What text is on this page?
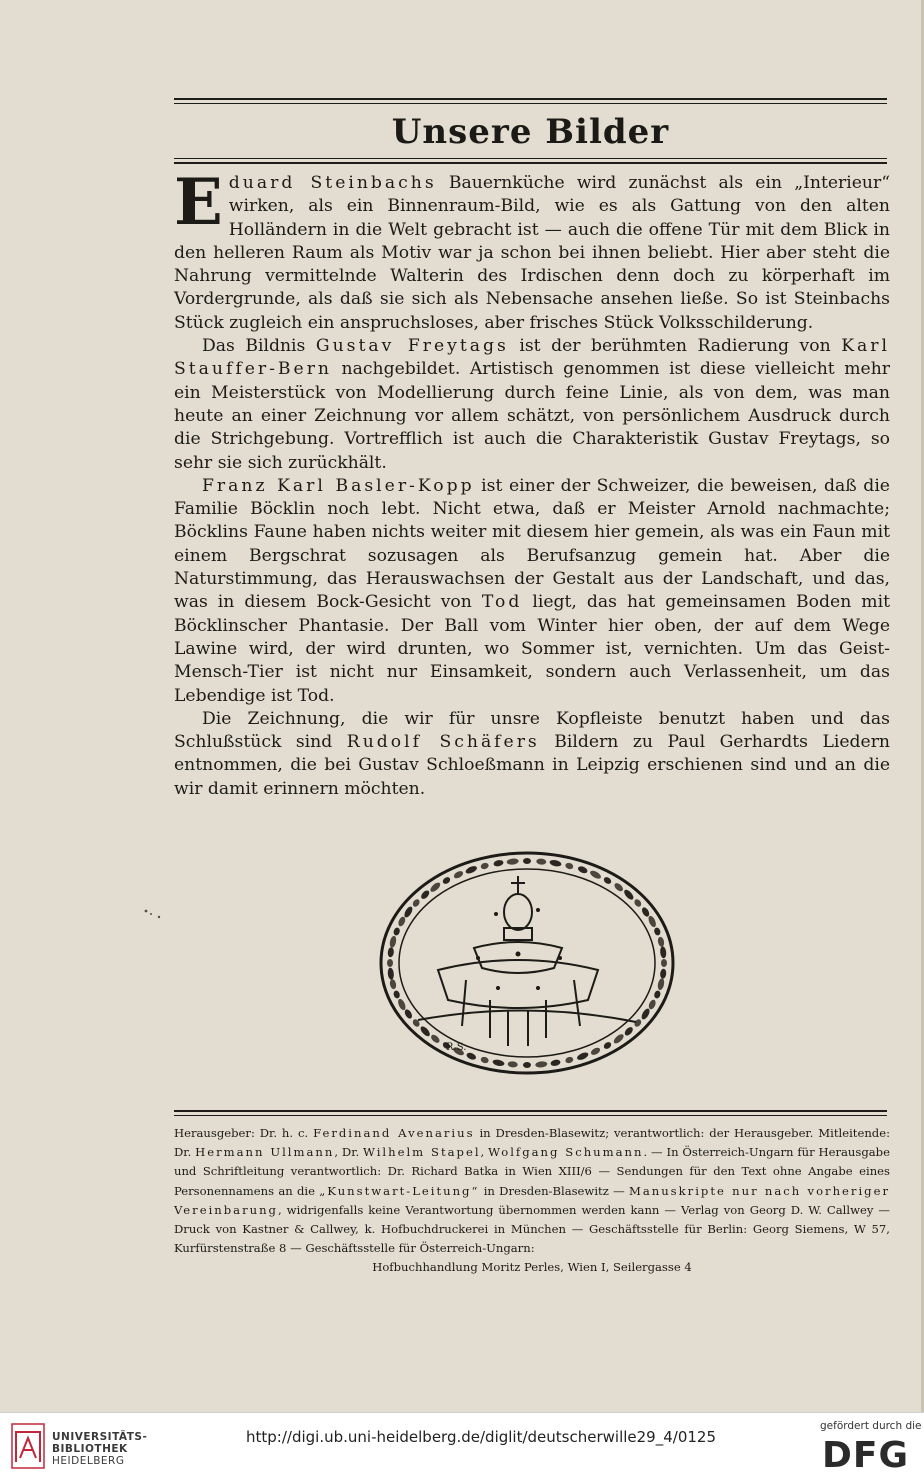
Unsere Bilder

Eduard Steinbachs Bauernküche wird zunächst als ein „Interieur“ wirken, als ein Binnenraum-Bild, wie es als Gattung von den alten Holländern in die Welt gebracht ist — auch die offene Tür mit dem Blick in den helleren Raum als Motiv war ja schon bei ihnen beliebt. Hier aber steht die Nahrung vermittelnde Walterin des Irdischen denn doch zu körperhaft im Vordergrunde, als daß sie sich als Nebensache ansehen ließe. So ist Steinbachs Stück zugleich ein anspruchsloses, aber frisches Stück Volksschilderung.

Das Bildnis Gustav Freytags ist der berühmten Radierung von Karl Stauffer-Bern nachgebildet. Artistisch genommen ist diese vielleicht mehr ein Meisterstück von Modellierung durch feine Linie, als von dem, was man heute an einer Zeichnung vor allem schätzt, von persönlichem Ausdruck durch die Strichgebung. Vortrefflich ist auch die Charakteristik Gustav Freytags, so sehr sie sich zurückhält.

Franz Karl Basler-Kopp ist einer der Schweizer, die beweisen, daß die Familie Böcklin noch lebt. Nicht etwa, daß er Meister Arnold nachmachte; Böcklins Faune haben nichts weiter mit diesem hier gemein, als was ein Faun mit einem Bergschrat sozusagen als Berufsanzug gemein hat. Aber die Naturstimmung, das Herauswachsen der Gestalt aus der Landschaft, und das, was in diesem Bock-Gesicht von Tod liegt, das hat gemeinsamen Boden mit Böcklinscher Phantasie. Der Ball vom Winter hier oben, der auf dem Wege Lawine wird, der wird drunten, wo Sommer ist, vernichten. Um das Geist-Mensch-Tier ist nicht nur Einsamkeit, sondern auch Verlassenheit, um das Lebendige ist Tod.

Die Zeichnung, die wir für unsre Kopfleiste benutzt haben und das Schlußstück sind Rudolf Schäfers Bildern zu Paul Gerhardts Liedern entnommen, die bei Gustav Schloeßmann in Leipzig erschienen sind und an die wir damit erinnern möchten.

R.S.

Herausgeber: Dr. h. c. Ferdinand Avenarius in Dresden-Blasewitz; verantwortlich: der Herausgeber. Mitleitende: Dr. Hermann Ullmann, Dr. Wilhelm Stapel, Wolfgang Schumann. — In Österreich-Ungarn für Herausgabe und Schriftleitung verantwortlich: Dr. Richard Batka in Wien XIII/6 — Sendungen für den Text ohne Angabe eines Personennamens an die „Kunstwart-Leitung“ in Dresden-Blasewitz — Manuskripte nur nach vorheriger Vereinbarung, widrigenfalls keine Verantwortung übernommen werden kann — Verlag von Georg D. W. Callwey — Druck von Kastner & Callwey, k. Hofbuchdruckerei in München — Geschäftsstelle für Berlin: Georg Siemens, W 57, Kurfürstenstraße 8 — Geschäftsstelle für Österreich-Ungarn:
Hofbuchhandlung Moritz Perles, Wien I, Seilergasse 4

UNIVERSITÄTS-
BIBLIOTHEK
HEIDELBERG
http://digi.ub.uni-heidelberg.de/diglit/deutscherwille29_4/0125
gefördert durch die
DFG
